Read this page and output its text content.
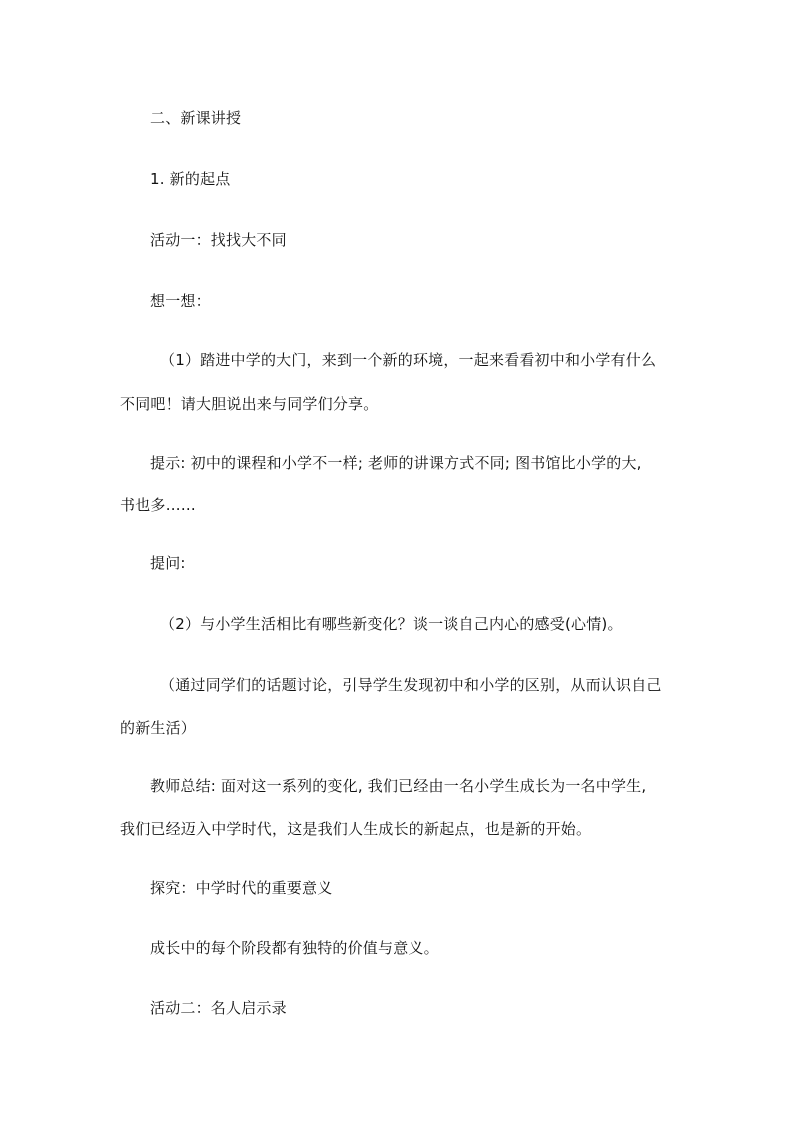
二、新课讲授

1. 新的起点

活动一：找找大不同

想一想：

（1）踏进中学的大门，来到一个新的环境，一起来看看初中和小学有什么

不同吧！请大胆说出来与同学们分享。

提示: 初中的课程和小学不一样; 老师的讲课方式不同; 图书馆比小学的大,

书也多……

提问:

（2）与小学生活相比有哪些新变化？谈一谈自己内心的感受(心情)。

（通过同学们的话题讨论，引导学生发现初中和小学的区别，从而认识自己

的新生活）

教师总结: 面对这一系列的变化, 我们已经由一名小学生成长为一名中学生,

我们已经迈入中学时代，这是我们人生成长的新起点，也是新的开始。

探究：中学时代的重要意义

成长中的每个阶段都有独特的价值与意义。

活动二：名人启示录
